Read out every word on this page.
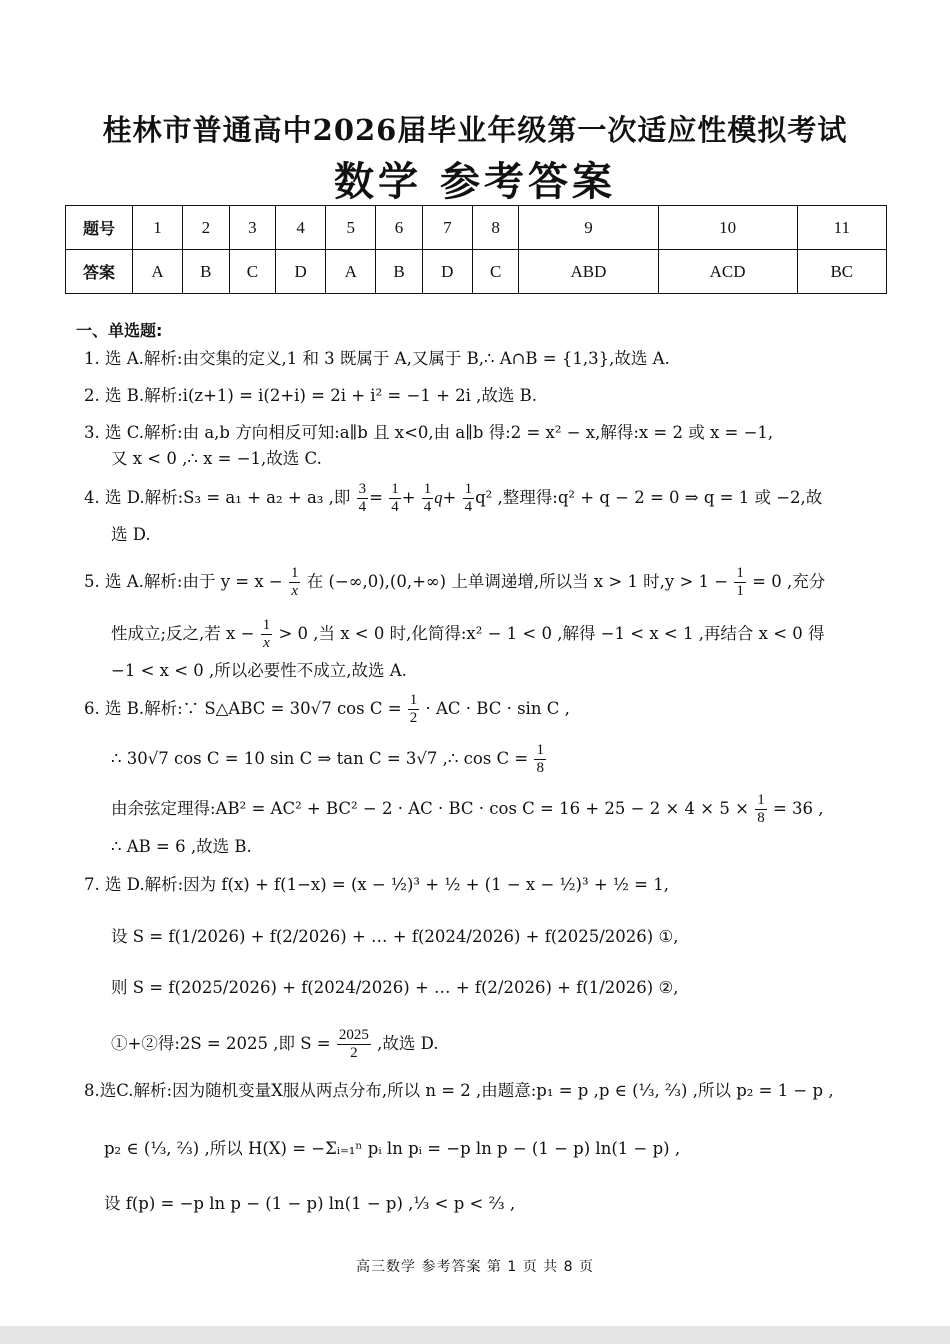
桂林市普通高中2026届毕业年级第一次适应性模拟考试
数学 参考答案
题号	1	2	3	4	5	6	7	8	9	10	11
答案	A	B	C	D	A	B	D	C	ABD	ACD	BC
一、单选题:
1. 选 A.解析:由交集的定义,1 和 3 既属于 A,又属于 B,∴ A∩B = {1,3},故选 A.
2. 选 B.解析:i(z+1) = i(2+i) = 2i + i² = −1 + 2i ,故选 B.
3. 选 C.解析:由 a,b 方向相反可知:a∥b 且 x<0,由 a∥b 得:2 = x² − x,解得:x = 2 或 x = −1,
又 x < 0 ,∴ x = −1,故选 C.
4. 选 D.解析:S₃ = a₁ + a₂ + a₃ ,即 $\frac{3}{4} = \frac{1}{4} + \frac{1}{4} q+ \frac{1}{4} q^2$ ,整理得:q² + q − 2 = 0 ⇒ q = 1 或 −2,故
选 D.
5. 选 A.解析:由于 $y = x - \frac{1}{x}$ 在 (−∞,0),(0,+∞) 上单调递增,所以当 x > 1 时$,y > 1 - \frac{1}{1} = 0$ ,充分
性成立;反之,若 $x - \frac{1}{x} > 0$ ,当 x < 0 时,化简得:x² − 1 < 0 ,解得 −1 < x < 1 ,再结合 x < 0 得
−1 < x < 0 ,所以必要性不成立,故选 A.
6. 选 B.解析:∵ S△ABC = 30√7 $\cos C = \frac{1}{2}$ · AC · BC · sin C ,
∴ 30√7 cos C = 10 sin C ⇒ tan C = 3√7 ,∴ $\cos C = \frac{1}{8}$
由余弦定理得:AB² = AC² + BC² − 2 · AC · BC · $\cos C = 16 + 25 - 2 \times 4 \times 5 \times \frac{1}{8} = 36$ ,
∴ AB = 6 ,故选 B.
7. 选 D.解析:因为 f(x) + f(1−x) = (x − ½)³ + ½ + (1 − x − ½)³ + ½ = 1,
设 S = f(1/2026) + f(2/2026) + … + f(2024/2026) + f(2025/2026) ①,
则 S = f(2025/2026) + f(2024/2026) + … + f(2/2026) + f(1/2026) ②,
①+②得:2S = 2025 ,即 $S = \frac{2025}{2}$ ,故选 D.
8.选C.解析:因为随机变量X服从两点分布,所以 n = 2 ,由题意:p₁ = p ,p ∈ (⅓, ⅔) ,所以 p₂ = 1 − p ,
p₂ ∈ (⅓, ⅔) ,所以 H(X) = −Σᵢ₌₁ⁿ pᵢ ln pᵢ = −p ln p − (1 − p) ln(1 − p) ,
设 f(p) = −p ln p − (1 − p) ln(1 − p) ,⅓ < p < ⅔ ,
高三数学 参考答案 第 1 页 共 8 页
